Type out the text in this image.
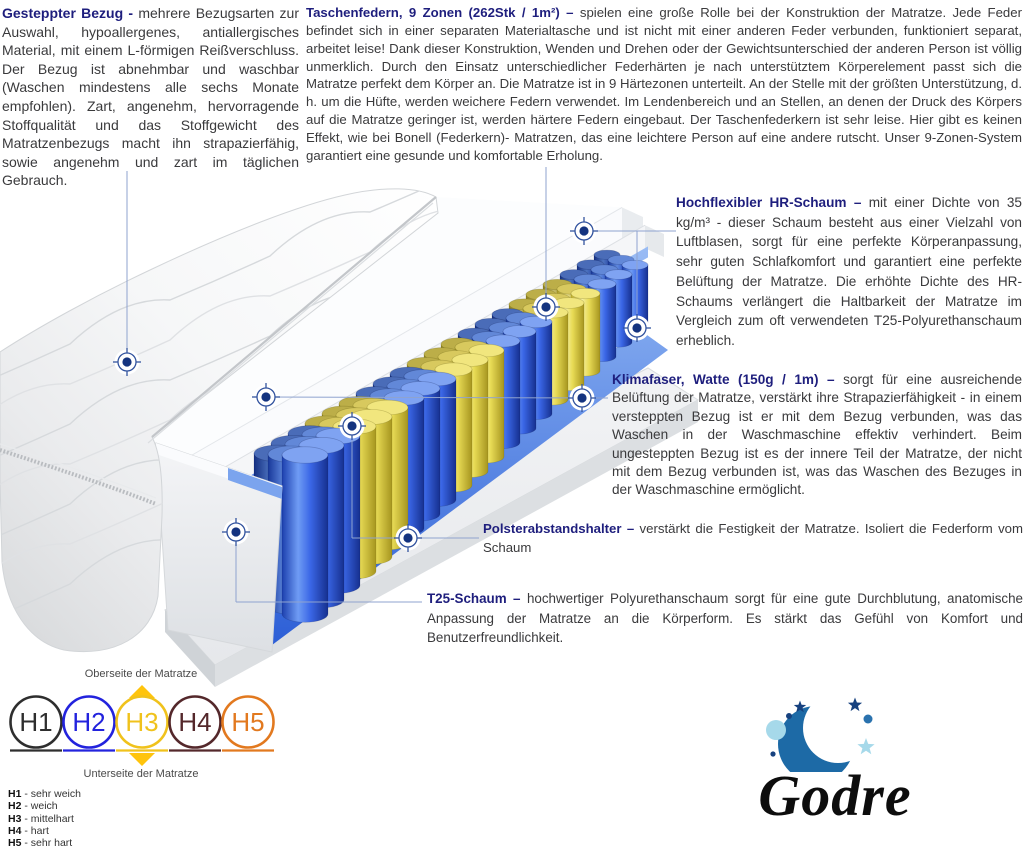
Gesteppter Bezug - mehrere Bezugsarten zur Auswahl, hypoallergenes, antiallergisches Material, mit einem L-förmigen Reißverschluss. Der Bezug ist abnehmbar und waschbar (Waschen mindestens alle sechs Monate empfohlen). Zart, angenehm, hervorragende Stoffqualität und das Stoffgewicht des Matratzenbezugs macht ihn strapazierfähig, sowie angenehm und zart im täglichen Gebrauch.
Taschenfedern, 9 Zonen (262Stk / 1m²) – spielen eine große Rolle bei der Konstruktion der Matratze. Jede Feder befindet sich in einer separaten Materialtasche und ist nicht mit einer anderen Feder verbunden, funktioniert separat, arbeitet leise! Dank dieser Konstruktion, Wenden und Drehen oder der Gewichtsunterschied der anderen Person ist völlig unmerklich. Durch den Einsatz unterschiedlicher Federhärten je nach unterstütztem Körperelement passt sich die Matratze perfekt dem Körper an. Die Matratze ist in 9 Härtezonen unterteilt. An der Stelle mit der größten Unterstützung, d. h. um die Hüfte, werden weichere Federn verwendet. Im Lendenbereich und an Stellen, an denen der Druck des Körpers auf die Matratze geringer ist, werden härtere Federn eingebaut. Der Taschenfederkern ist sehr leise. Hier gibt es keinen Effekt, wie bei Bonell (Federkern)- Matratzen, das eine leichtere Person auf eine andere rutscht. Unser 9-Zonen-System garantiert eine gesunde und komfortable Erholung.
Hochflexibler HR-Schaum – mit einer Dichte von 35 kg/m³ - dieser Schaum besteht aus einer Vielzahl von Luftblasen, sorgt für eine perfekte Körperanpassung, sehr guten Schlafkomfort und garantiert eine perfekte Belüftung der Matratze. Die erhöhte Dichte des HR-Schaums verlängert die Haltbarkeit der Matratze im Vergleich zum oft verwendeten T25-Polyurethanschaum erheblich.
Klimafaser, Watte (150g / 1m) – sorgt für eine ausreichende Belüftung der Matratze, verstärkt ihre Strapazierfähigkeit - in einem versteppten Bezug ist er mit dem Bezug verbunden, was das Waschen in der Waschmaschine effektiv verhindert. Beim ungesteppten Bezug ist es der innere Teil der Matratze, der nicht mit dem Bezug verbunden ist, was das Waschen des Bezuges in der Waschmaschine ermöglicht.
Polsterabstandshalter – verstärkt die Festigkeit der Matratze. Isoliert die Federform vom Schaum
T25-Schaum – hochwertiger Polyurethanschaum sorgt für eine gute Durchblutung, anatomische Anpassung der Matratze an die Körperform. Es stärkt das Gefühl von Komfort und Benutzerfreundlichkeit.
Oberseite der Matratze
H1 H2 H3 H4 H5
Unterseite der Matratze
H1 - sehr weich
H2 - weich
H3 - mittelhart
H4 - hart
H5 - sehr hart
Godre
